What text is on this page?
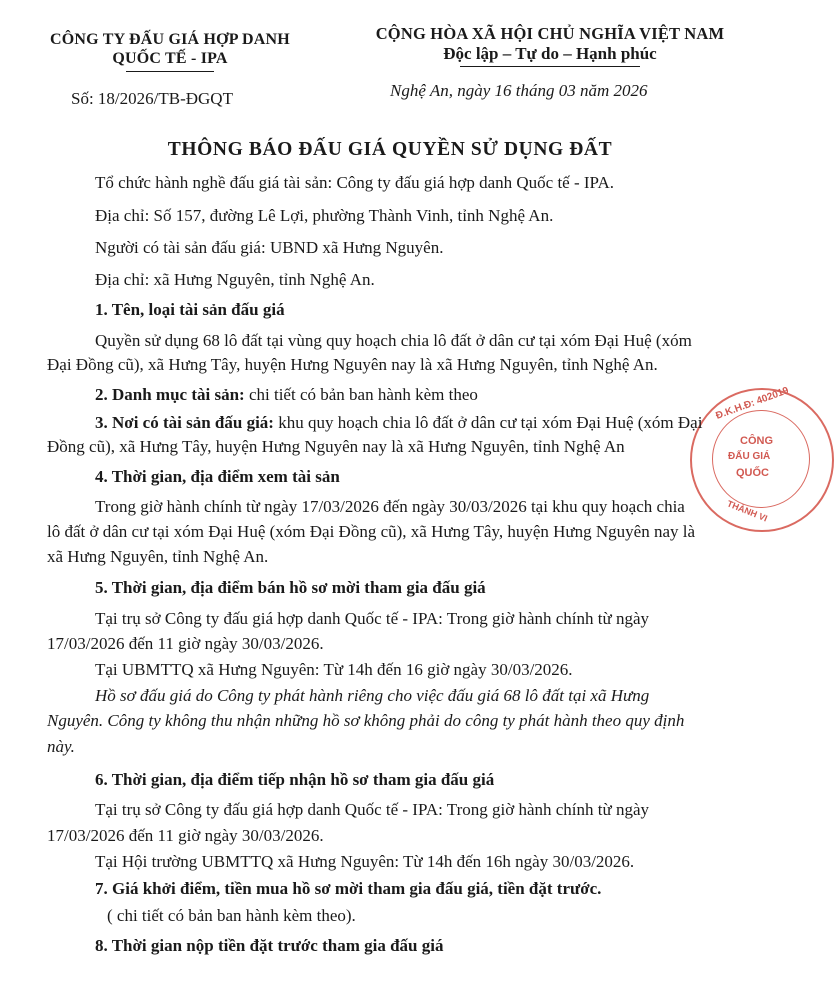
CÔNG TY ĐẤU GIÁ HỢP DANH
QUỐC TẾ - IPA
CỘNG HÒA XÃ HỘI CHỦ NGHĨA VIỆT NAM
Độc lập – Tự do – Hạnh phúc
Số: 18/2026/TB-ĐGQT	Nghệ An, ngày 16 tháng 03 năm 2026
THÔNG BÁO ĐẤU GIÁ QUYỀN SỬ DỤNG ĐẤT
Đ.K.H.Đ: 402019
CÔNG
ĐẤU GIÁ
QUỐC
THÀNH VI
Tổ chức hành nghề đấu giá tài sản: Công ty đấu giá hợp danh Quốc tế - IPA.
Địa chỉ: Số 157, đường Lê Lợi, phường Thành Vinh, tỉnh Nghệ An.
Người có tài sản đấu giá: UBND xã Hưng Nguyên.
Địa chỉ: xã Hưng Nguyên, tỉnh Nghệ An.
1. Tên, loại tài sản đấu giá
Quyền sử dụng 68 lô đất tại vùng quy hoạch chia lô đất ở dân cư tại xóm Đại Huệ (xóm
Đại Đồng cũ), xã Hưng Tây, huyện Hưng Nguyên nay là xã Hưng Nguyên, tỉnh Nghệ An.
2. Danh mục tài sản: chi tiết có bản ban hành kèm theo
3. Nơi có tài sản đấu giá: khu quy hoạch chia lô đất ở dân cư tại xóm Đại Huệ (xóm Đại
Đồng cũ), xã Hưng Tây, huyện Hưng Nguyên nay là xã Hưng Nguyên, tỉnh Nghệ An
4. Thời gian, địa điểm xem tài sản
Trong giờ hành chính từ ngày 17/03/2026 đến ngày 30/03/2026 tại khu quy hoạch chia
lô đất ở dân cư tại xóm Đại Huệ (xóm Đại Đồng cũ), xã Hưng Tây, huyện Hưng Nguyên nay là
xã Hưng Nguyên, tỉnh Nghệ An.
5. Thời gian, địa điểm bán hồ sơ mời tham gia đấu giá
Tại trụ sở Công ty đấu giá hợp danh Quốc tế - IPA: Trong giờ hành chính từ ngày
17/03/2026 đến 11 giờ ngày 30/03/2026.
Tại UBMTTQ xã Hưng Nguyên: Từ 14h đến 16 giờ ngày 30/03/2026.
Hồ sơ đấu giá do Công ty phát hành riêng cho việc đấu giá 68 lô đất tại xã Hưng
Nguyên. Công ty không thu nhận những hồ sơ không phải do công ty phát hành theo quy định
này.
6. Thời gian, địa điểm tiếp nhận hồ sơ tham gia đấu giá
Tại trụ sở Công ty đấu giá hợp danh Quốc tế - IPA: Trong giờ hành chính từ ngày
17/03/2026 đến 11 giờ ngày 30/03/2026.
Tại Hội trường UBMTTQ xã Hưng Nguyên: Từ 14h đến 16h ngày 30/03/2026.
7. Giá khởi điểm, tiền mua hồ sơ mời tham gia đấu giá, tiền đặt trước.
( chi tiết có bản ban hành kèm theo).
8. Thời gian nộp tiền đặt trước tham gia đấu giá
